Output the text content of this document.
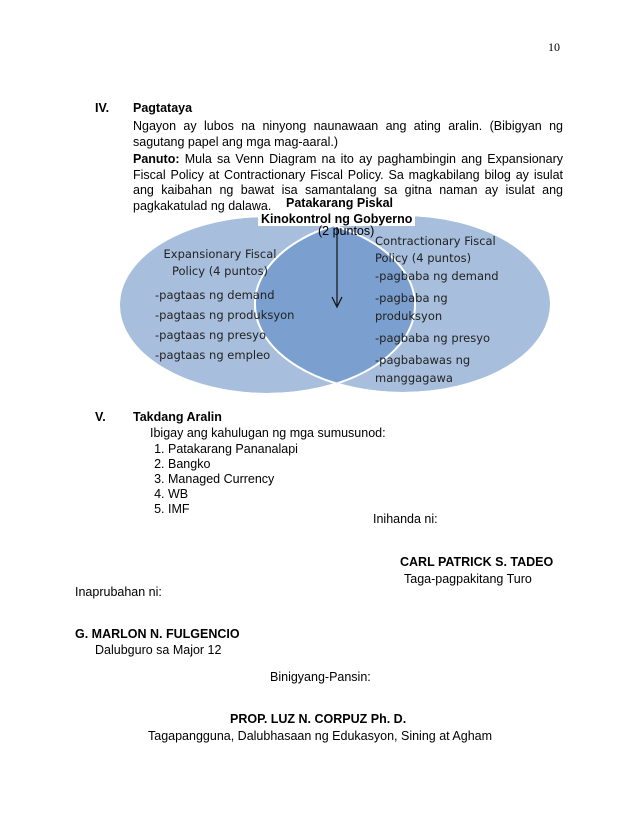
10
IV. Pagtataya
Ngayon ay lubos na ninyong naunawaan ang ating aralin. (Bibigyan ng sagutang papel ang mga mag-aaral.)
Panuto: Mula sa Venn Diagram na ito ay paghambingin ang Expansionary Fiscal Policy at Contractionary Fiscal Policy. Sa magkabilang bilog ay isulat ang kaibahan ng bawat isa samantalang sa gitna naman ay isulat ang pagkakatulad ng dalawa.	Patakarang Piskal
Kinokontrol ng Gobyerno
(2 puntos)
Expansionary Fiscal
Policy (4 puntos)
-pagtaas ng demand
-pagtaas ng produksyon
-pagtaas ng presyo
-pagtaas ng empleo
Contractionary Fiscal
Policy (4 puntos)
-pagbaba ng demand
-pagbaba ng
produksyon
-pagbaba ng presyo
-pagbabawas ng
manggagawa
V. Takdang Aralin
Ibigay ang kahulugan ng mga sumusunod:
1. Patakarang Pananalapi
2. Bangko
3. Managed Currency
4. WB
5. IMF
Inihanda ni:
CARL PATRICK S. TADEO
Taga-pagpakitang Turo
Inaprubahan ni:
G. MARLON N. FULGENCIO
Dalubguro sa Major 12
Binigyang-Pansin:
PROP. LUZ N. CORPUZ Ph. D.
Tagapangguna, Dalubhasaan ng Edukasyon, Sining at Agham
